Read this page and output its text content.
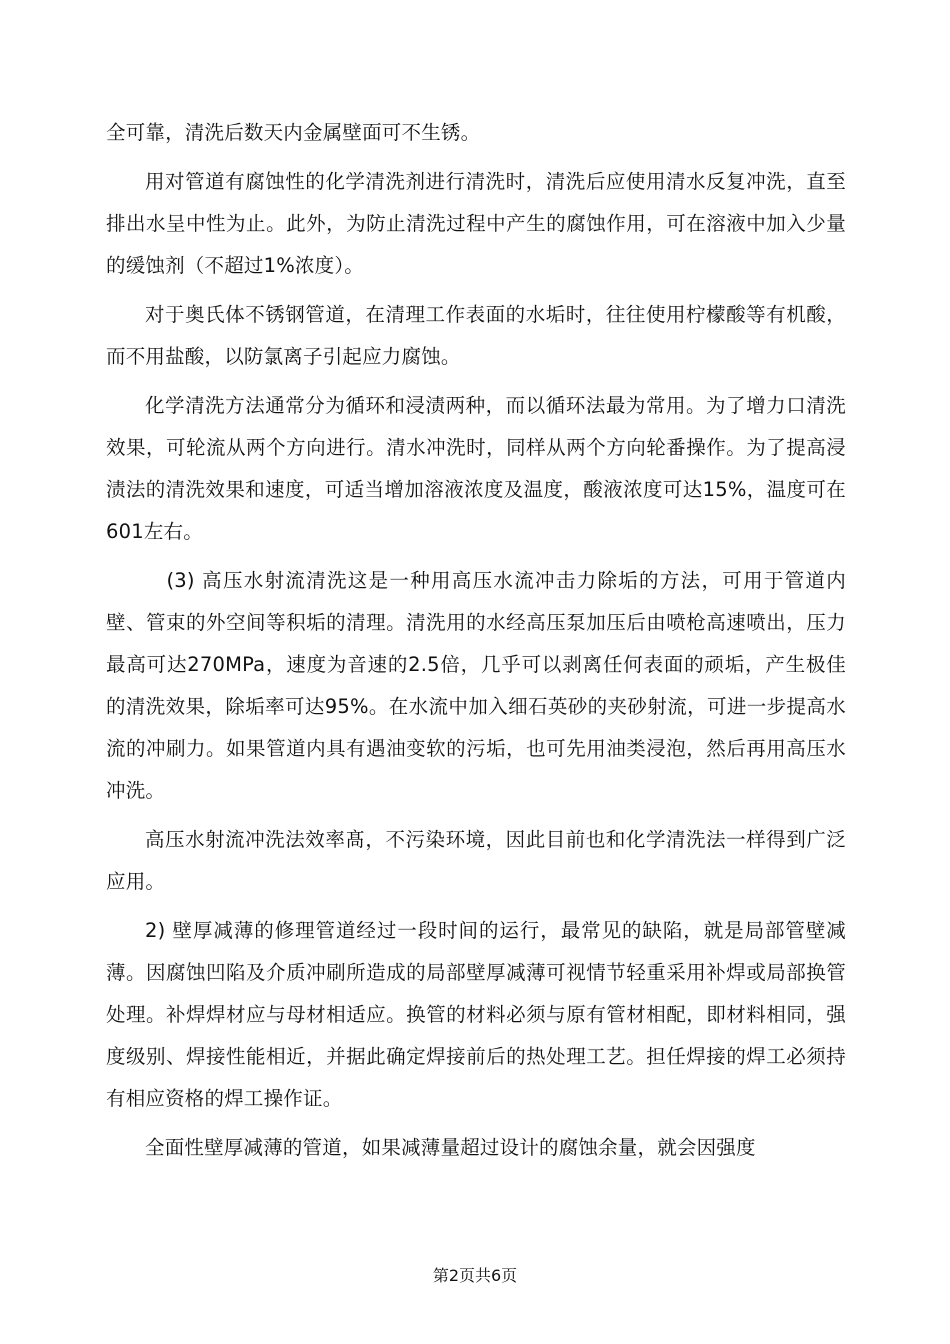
全可靠，清洗后数天内金属壁面可不生锈。

用对管道有腐蚀性的化学清洗剂进行清洗时，清洗后应使用清水反复冲洗，直至排出水呈中性为止。此外，为防止清洗过程中产生的腐蚀作用，可在溶液中加入少量的缓蚀剂（不超过1%浓度）。

对于奥氏体不锈钢管道，在清理工作表面的水垢时，往往使用柠檬酸等有机酸，而不用盐酸，以防氯离子引起应力腐蚀。

化学清洗方法通常分为循环和浸渍两种，而以循环法最为常用。为了增力口清洗效果，可轮流从两个方向进行。清水冲洗时，同样从两个方向轮番操作。为了提高浸渍法的清洗效果和速度，可适当增加溶液浓度及温度，酸液浓度可达15%，温度可在601左右。

(3) 高压水射流清洗这是一种用高压水流冲击力除垢的方法，可用于管道内壁、管束的外空间等积垢的清理。清洗用的水经高压泵加压后由喷枪高速喷出，压力最高可达270MPa，速度为音速的2.5倍，几乎可以剥离任何表面的顽垢，产生极佳的清洗效果，除垢率可达95%。在水流中加入细石英砂的夹砂射流，可进一步提高水流的冲刷力。如果管道内具有遇油变软的污垢，也可先用油类浸泡，然后再用高压水冲洗。

高压水射流冲洗法效率髙，不污染环境，因此目前也和化学清洗法一样得到广泛应用。

2) 壁厚减薄的修理管道经过一段时间的运行，最常见的缺陷，就是局部管壁减薄。因腐蚀凹陷及介质冲刷所造成的局部壁厚减薄可视情节轻重采用补焊或局部换管处理。补焊焊材应与母材相适应。换管的材料必须与原有管材相配，即材料相同，强度级别、焊接性能相近，并据此确定焊接前后的热处理工艺。担任焊接的焊工必须持有相应资格的焊工操作证。

全面性壁厚减薄的管道，如果减薄量超过设计的腐蚀余量，就会因强度

第2页共6页
